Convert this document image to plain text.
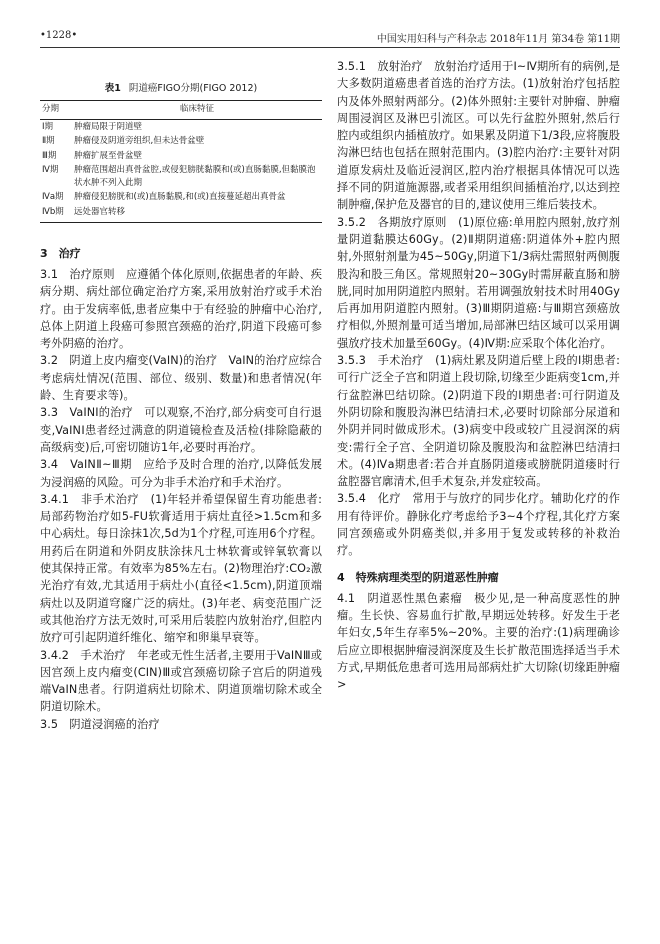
•1228•	中国实用妇科与产科杂志 2018年11月 第34卷 第11期
表1 阴道癌FIGO分期(FIGO 2012)
分期	临床特征
Ⅰ期	肿瘤局限于阴道壁
Ⅱ期	肿瘤侵及阴道旁组织,但未达骨盆壁
Ⅲ期	肿瘤扩展至骨盆壁
Ⅳ期	肿瘤范围超出真骨盆腔,或侵犯膀胱黏膜和(或)直肠黏膜,但黏膜泡状水肿不列入此期
Ⅳa期	肿瘤侵犯膀胱和(或)直肠黏膜,和(或)直接蔓延超出真骨盆
Ⅳb期	远处器官转移
3　治疗
3.1　治疗原则　应遵循个体化原则,依据患者的年龄、疾病分期、病灶部位确定治疗方案,采用放射治疗或手术治疗。由于发病率低,患者应集中于有经验的肿瘤中心治疗,总体上阴道上段癌可参照宫颈癌的治疗,阴道下段癌可参考外阴癌的治疗。
3.2　阴道上皮内瘤变(VaIN)的治疗　VaIN的治疗应综合考虑病灶情况(范围、部位、级别、数量)和患者情况(年龄、生育要求等)。
3.3　VaINⅠ的治疗　可以观察,不治疗,部分病变可自行退变,VaINⅠ患者经过满意的阴道镜检查及活检(排除隐蔽的高级病变)后,可密切随访1年,必要时再治疗。
3.4　VaINⅡ~Ⅲ期　应给予及时合理的治疗,以降低发展为浸润癌的风险。可分为非手术治疗和手术治疗。
3.4.1　非手术治疗　(1)年轻并希望保留生育功能患者:局部药物治疗如5-FU软膏适用于病灶直径>1.5cm和多中心病灶。每日涂抹1次,5d为1个疗程,可连用6个疗程。用药后在阴道和外阴皮肤涂抹凡士林软膏或锌氧软膏以使其保持正常。有效率为85%左右。(2)物理治疗:CO₂激光治疗有效,尤其适用于病灶小(直径<1.5cm),阴道顶端病灶以及阴道穹窿广泛的病灶。(3)年老、病变范围广泛或其他治疗方法无效时,可采用后装腔内放射治疗,但腔内放疗可引起阴道纤维化、缩窄和卵巢早衰等。
3.4.2　手术治疗　年老或无性生活者,主要用于VaINⅢ或因宫颈上皮内瘤变(CIN)Ⅲ或宫颈癌切除子宫后的阴道残端VaIN患者。行阴道病灶切除术、阴道顶端切除术或全阴道切除术。
3.5　阴道浸润癌的治疗
3.5.1　放射治疗　放射治疗适用于Ⅰ~Ⅳ期所有的病例,是大多数阴道癌患者首选的治疗方法。(1)放射治疗包括腔内及体外照射两部分。(2)体外照射:主要针对肿瘤、肿瘤周围浸润区及淋巴引流区。可以先行盆腔外照射,然后行腔内或组织内插植放疗。如果累及阴道下1/3段,应将腹股沟淋巴结也包括在照射范围内。(3)腔内治疗:主要针对阴道原发病灶及临近浸润区,腔内治疗根据具体情况可以选择不同的阴道施源器,或者采用组织间插植治疗,以达到控制肿瘤,保护危及器官的目的,建议使用三维后装技术。
3.5.2　各期放疗原则　(1)原位癌:单用腔内照射,放疗剂量阴道黏膜达60Gy。(2)Ⅱ期阴道癌:阴道体外+腔内照射,外照射剂量为45~50Gy,阴道下1/3病灶需照射两侧腹股沟和股三角区。常规照射20~30Gy时需屏蔽直肠和膀胱,同时加用阴道腔内照射。若用调强放射技术时用40Gy后再加用阴道腔内照射。(3)Ⅲ期阴道癌:与Ⅲ期宫颈癌放疗相似,外照剂量可适当增加,局部淋巴结区域可以采用调强放疗技术加量至60Gy。(4)Ⅳ期:应采取个体化治疗。
3.5.3　手术治疗　(1)病灶累及阴道后壁上段的Ⅰ期患者:可行广泛全子宫和阴道上段切除,切缘至少距病变1cm,并行盆腔淋巴结切除。(2)阴道下段的Ⅰ期患者:可行阴道及外阴切除和腹股沟淋巴结清扫术,必要时切除部分尿道和外阴并同时做成形术。(3)病变中段或较广且浸润深的病变:需行全子宫、全阴道切除及腹股沟和盆腔淋巴结清扫术。(4)Ⅳa期患者:若合并直肠阴道瘘或膀胱阴道瘘时行盆腔器官廓清术,但手术复杂,并发症较高。
3.5.4　化疗　常用于与放疗的同步化疗。辅助化疗的作用有待评价。静脉化疗考虑给予3~4个疗程,其化疗方案同宫颈癌或外阴癌类似,并多用于复发或转移的补救治疗。
4　特殊病理类型的阴道恶性肿瘤
4.1　阴道恶性黑色素瘤　极少见,是一种高度恶性的肿瘤。生长快、容易血行扩散,早期远处转移。好发生于老年妇女,5年生存率5%~20%。主要的治疗:(1)病理确诊后应立即根据肿瘤浸润深度及生长扩散范围选择适当手术方式,早期低危患者可选用局部病灶扩大切除(切缘距肿瘤>
